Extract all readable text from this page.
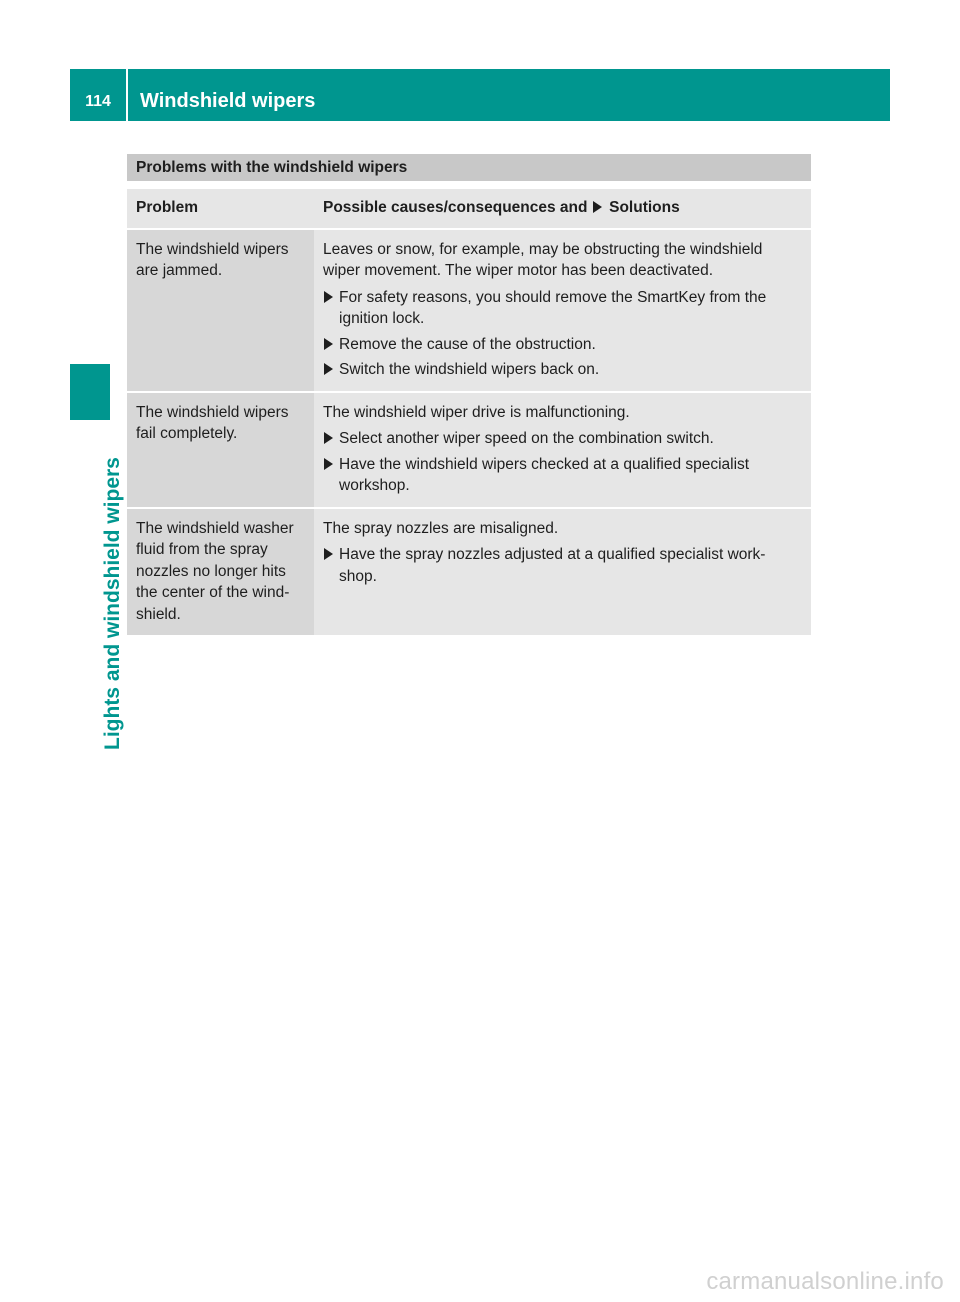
114	Windshield wipers
Lights and windshield wipers
Problems with the windshield wipers
Problem	Possible causes/consequences and Solutions
The windshield wipers are jammed.	Leaves or snow, for example, may be obstructing the windshield wiper movement. The wiper motor has been deactivated.

For safety reasons, you should remove the SmartKey from the ignition lock.
Remove the cause of the obstruction.
Switch the windshield wipers back on.

The windshield wipers fail completely.	The windshield wiper drive is malfunctioning.

Select another wiper speed on the combination switch.
Have the windshield wipers checked at a qualified specialist workshop.

The windshield washer fluid from the spray nozzles no longer hits the center of the wind-shield.	The spray nozzles are misaligned.

Have the spray nozzles adjusted at a qualified specialist work-shop.
carmanualsonline.info
